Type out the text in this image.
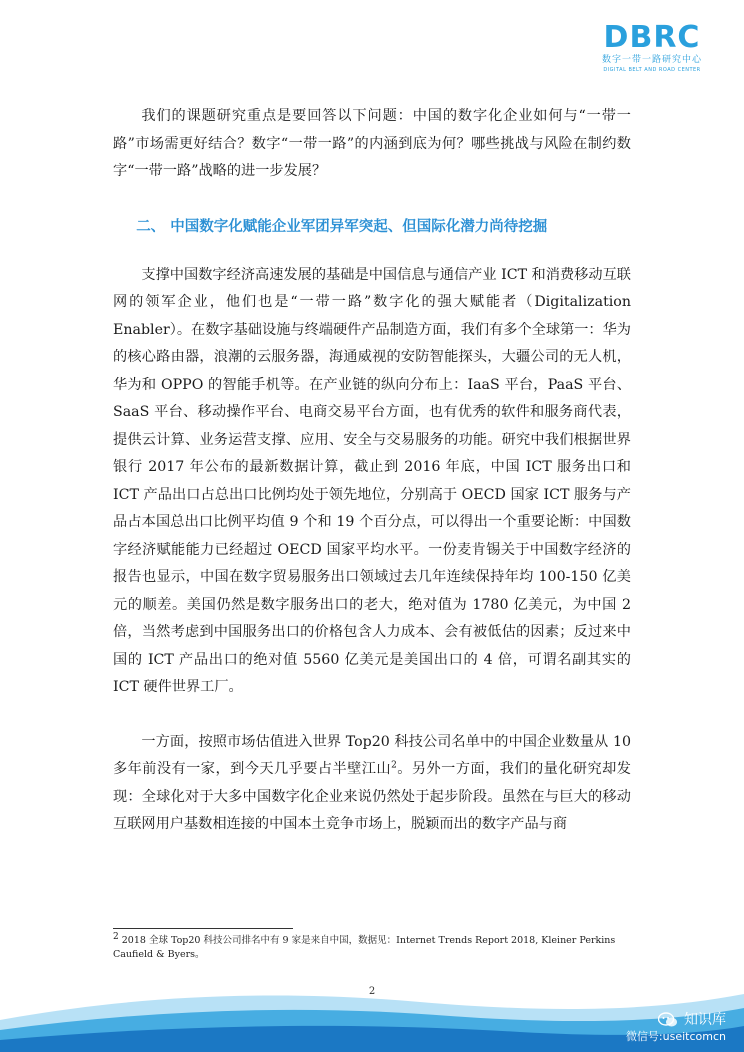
DBRC
数字一带一路研究中心
DIGITAL BELT AND ROAD CENTER

我们的课题研究重点是要回答以下问题：中国的数字化企业如何与“一带一路”市场需更好结合？数字“一带一路”的内涵到底为何？哪些挑战与风险在制约数字“一带一路”战略的进一步发展？

二、 中国数字化赋能企业军团异军突起、但国际化潜力尚待挖掘

支撑中国数字经济高速发展的基础是中国信息与通信产业 ICT 和消费移动互联网的领军企业，他们也是“一带一路”数字化的强大赋能者（Digitalization Enabler）。在数字基础设施与终端硬件产品制造方面，我们有多个全球第一：华为的核心路由器，浪潮的云服务器，海通威视的安防智能探头，大疆公司的无人机，华为和 OPPO 的智能手机等。在产业链的纵向分布上：IaaS 平台，PaaS 平台、SaaS 平台、移动操作平台、电商交易平台方面，也有优秀的软件和服务商代表，提供云计算、业务运营支撑、应用、安全与交易服务的功能。研究中我们根据世界银行 2017 年公布的最新数据计算，截止到 2016 年底，中国 ICT 服务出口和 ICT 产品出口占总出口比例均处于领先地位，分别高于 OECD 国家 ICT 服务与产品占本国总出口比例平均值 9 个和 19 个百分点，可以得出一个重要论断：中国数字经济赋能能力已经超过 OECD 国家平均水平。一份麦肯锡关于中国数字经济的报告也显示，中国在数字贸易服务出口领域过去几年连续保持年均 100-150 亿美元的顺差。美国仍然是数字服务出口的老大，绝对值为 1780 亿美元，为中国 2 倍，当然考虑到中国服务出口的价格包含人力成本、会有被低估的因素；反过来中国的 ICT 产品出口的绝对值 5560 亿美元是美国出口的 4 倍，可谓名副其实的 ICT 硬件世界工厂。

一方面，按照市场估值进入世界 Top20 科技公司名单中的中国企业数量从 10 多年前没有一家，到今天几乎要占半壁江山$^2$。另外一方面，我们的量化研究却发现：全球化对于大多中国数字化企业来说仍然处于起步阶段。虽然在与巨大的移动互联网用户基数相连接的中国本土竞争市场上，脱颖而出的数字产品与商

$^2$ 2018 全球 Top20 科技公司排名中有 9 家是来自中国，数据见：Internet Trends Report 2018, Kleiner Perkins Caufield & Byers。
2
知识库
微信号:useitcomcn
